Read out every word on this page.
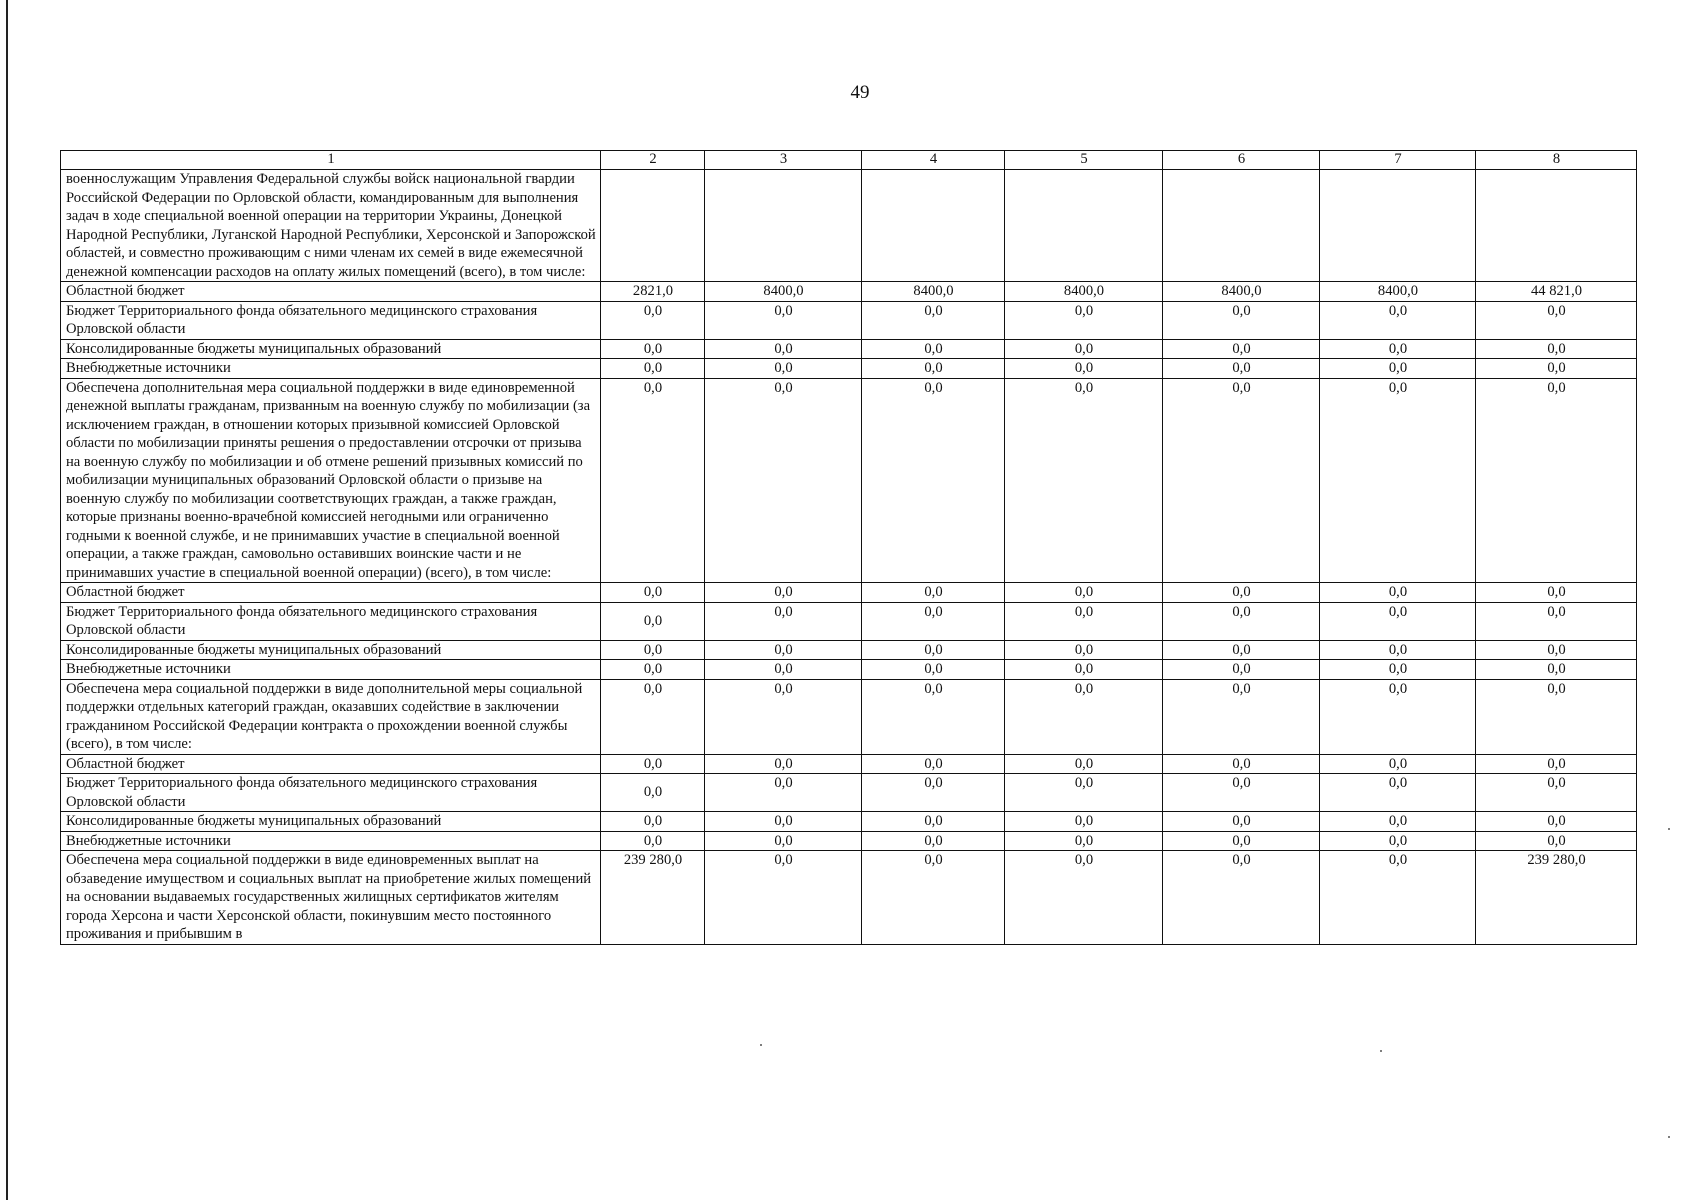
49
1	2	3	4	5	6	7	8
военнослужащим Управления Федеральной службы войск национальной гвардии Российской Федерации по Орловской области, командированным для выполнения задач в ходе специальной военной операции на территории Украины, Донецкой Народной Республики, Луганской Народной Республики, Херсонской и Запорожской областей, и совместно проживающим с ними членам их семей в виде ежемесячной денежной компенсации расходов на оплату жилых помещений (всего), в том числе:							
Областной бюджет	2821,0	8400,0	8400,0	8400,0	8400,0	8400,0	44 821,0
Бюджет Территориального фонда обязательного медицинского страхования Орловской области	0,0	0,0	0,0	0,0	0,0	0,0	0,0
Консолидированные бюджеты муниципальных образований	0,0	0,0	0,0	0,0	0,0	0,0	0,0
Внебюджетные источники	0,0	0,0	0,0	0,0	0,0	0,0	0,0
Обеспечена дополнительная мера социальной поддержки в виде единовременной денежной выплаты гражданам, призванным на военную службу по мобилизации (за исключением граждан, в отношении которых призывной комиссией Орловской области по мобилизации приняты решения о предоставлении отсрочки от призыва на военную службу по мобилизации и об отмене решений призывных комиссий по мобилизации муниципальных образований Орловской области о призыве на военную службу по мобилизации соответствующих граждан, а также граждан, которые признаны военно-врачебной комиссией негодными или ограниченно годными к военной службе, и не принимавших участие в специальной военной операции, а также граждан, самовольно оставивших воинские части и не принимавших участие в специальной военной операции) (всего), в том числе:	0,0	0,0	0,0	0,0	0,0	0,0	0,0
Областной бюджет	0,0	0,0	0,0	0,0	0,0	0,0	0,0
Бюджет Территориального фонда обязательного медицинского страхования Орловской области	0,0	0,0	0,0	0,0	0,0	0,0	0,0
Консолидированные бюджеты муниципальных образований	0,0	0,0	0,0	0,0	0,0	0,0	0,0
Внебюджетные источники	0,0	0,0	0,0	0,0	0,0	0,0	0,0
Обеспечена мера социальной поддержки в виде дополнительной меры социальной поддержки отдельных категорий граждан, оказавших содействие в заключении гражданином Российской Федерации контракта о прохождении военной службы (всего), в том числе:	0,0	0,0	0,0	0,0	0,0	0,0	0,0
Областной бюджет	0,0	0,0	0,0	0,0	0,0	0,0	0,0
Бюджет Территориального фонда обязательного медицинского страхования Орловской области	0,0	0,0	0,0	0,0	0,0	0,0	0,0
Консолидированные бюджеты муниципальных образований	0,0	0,0	0,0	0,0	0,0	0,0	0,0
Внебюджетные источники	0,0	0,0	0,0	0,0	0,0	0,0	0,0
Обеспечена мера социальной поддержки в виде единовременных выплат на обзаведение имуществом и социальных выплат на приобретение жилых помещений на основании выдаваемых государственных жилищных сертификатов жителям города Херсона и части Херсонской области, покинувшим место постоянного проживания и прибывшим в	239 280,0	0,0	0,0	0,0	0,0	0,0	239 280,0
